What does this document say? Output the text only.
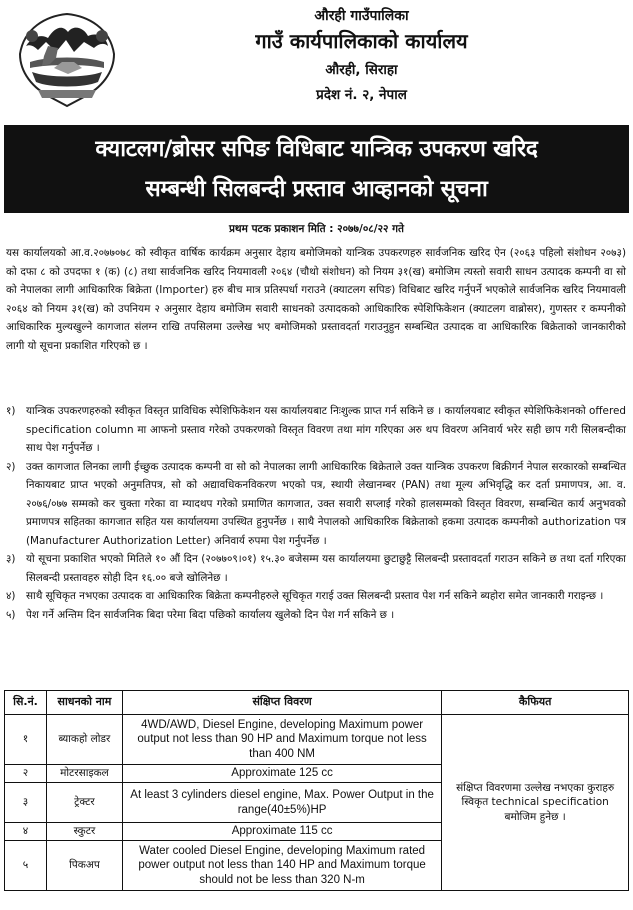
औरही गाउँपालिका
गाउँ कार्यपालिकाको कार्यालय
औरही, सिराहा
प्रदेश नं. २, नेपाल
क्याटलग/ब्रोसर सपिङ विधिबाट यान्त्रिक उपकरण खरिद
सम्बन्धी सिलबन्दी प्रस्ताव आव्हानको सूचना
प्रथम पटक प्रकाशन मिति : २०७७/०८/२२ गते
यस कार्यालयको आ.व.२०७७०७८ को स्वीकृत वार्षिक कार्यक्रम अनुसार देहाय बमोजिमको यान्त्रिक उपकरणहरु सार्वजनिक खरिद ऐन (२०६३ पहिलो संशोधन २०७३) को दफा ८ को उपदफा १ (क) (८) तथा सार्वजनिक खरिद नियमावली २०६४ (चौथो संशोधन) को नियम ३१(ख) बमोजिम त्यस्तो सवारी साधन उत्पादक कम्पनी वा सो को नेपालका लागी आधिकारिक बिक्रेता (Importer) हरु बीच मात्र प्रतिस्पर्धा गराउने (क्याटलग सपिङ) विधिबाट खरिद गर्नुपर्ने भएकोले सार्वजनिक खरिद नियमावली २०६४ को नियम ३१(ख) को उपनियम २ अनुसार देहाय बमोजिम सवारी साधनको उत्पादकको आधिकारिक स्पेशिफिकेशन (क्याटलग वाब्रोसर), गुणस्तर र कम्पनीको आधिकारिक मुल्यखुल्ने कागजात संलग्न राखि तपसिलमा उल्लेख भए बमोजिमको प्रस्तावदर्ता गराउनुहुन सम्बन्धित उत्पादक वा आधिकारिक बिक्रेताको जानकारीको लागी यो सूचना प्रकाशित गरिएको छ ।
१)	यान्त्रिक उपकरणहरुको स्वीकृत विस्तृत प्राविधिक स्पेशिफिकेशन यस कार्यालयबाट निःशुल्क प्राप्त गर्न सकिने छ । कार्यालयबाट स्वीकृत स्पेशिफिकेशनको offered specification column मा आफनो प्रस्ताव गरेको उपकरणको विस्तृत विवरण तथा मांग गरिएका अरु थप विवरण अनिवार्य भरेर सही छाप गरी सिलबन्दीका साथ पेश गर्नुपर्नेछ ।
२)	उक्त कागजात लिनका लागी ईच्छुक उत्पादक कम्पनी वा सो को नेपालका लागी आधिकारिक बिक्रेताले उक्त यान्त्रिक उपकरण बिक्रीगर्न नेपाल सरकारको सम्बन्धित निकायबाट प्राप्त भएको अनुमतिपत्र, सो को अद्यावधिकनविकरण भएको पत्र, स्थायी लेखानम्बर (PAN) तथा मूल्य अभिवृद्धि कर दर्ता प्रमाणपत्र, आ. व. २०७६/०७७ सम्मको कर चुक्ता गरेका वा म्यादथप गरेको प्रमाणित कागजात, उक्त सवारी सप्लाई गरेको हालसम्मको विस्तृत विवरण, सम्बन्धित कार्य अनुभवको प्रमाणपत्र सहितका कागजात सहित यस कार्यालयमा उपस्थित हुनुपर्नेछ । साथै नेपालको आधिकारिक बिक्रेताको हकमा उत्पादक कम्पनीको authorization पत्र (Manufacturer Authorization Letter) अनिवार्य रुपमा पेश गर्नुपर्नेछ ।
३)	यो सूचना प्रकाशित भएको मितिले १० औं दिन (२०७७०९।०१) १५.३० बजेसम्म यस कार्यालयमा छुटाछुट्टै सिलबन्दी प्रस्तावदर्ता गराउन सकिने छ तथा दर्ता गरिएका सिलबन्दी प्रस्तावहरु सोही दिन १६.०० बजे खोलिनेछ ।
४)	साथै सूचिकृत नभएका उत्पादक वा आधिकारिक बिक्रेता कम्पनीहरुले सूचिकृत गराई उक्त सिलबन्दी प्रस्ताव पेश गर्न सकिने ब्यहोरा समेत जानकारी गराइन्छ ।
५)	पेश गर्ने अन्तिम दिन सार्वजनिक बिदा परेमा बिदा पछिको कार्यालय खुलेको दिन पेश गर्न सकिने छ ।
सि.नं.	साधनको नाम	संक्षिप्त विवरण	कैफियत
१	ब्याकहो लोडर	4WD/AWD, Diesel Engine, developing Maximum power output not less than 90 HP and Maximum torque not less than 400 NM	संक्षिप्त विवरणमा उल्लेख नभएका कुराहरु स्विकृत technical specification बमोजिम हुनेछ ।
२	मोटरसाइकल	Approximate 125 cc	
३	ट्रेक्टर	At least 3 cylinders diesel engine, Max. Power Output in the range(40±5%)HP	
४	स्कुटर	Approximate 115 cc	
५	पिकअप	Water cooled Diesel Engine, developing Maximum rated power output not less than 140 HP and Maximum torque should not be less than 320 N-m	
